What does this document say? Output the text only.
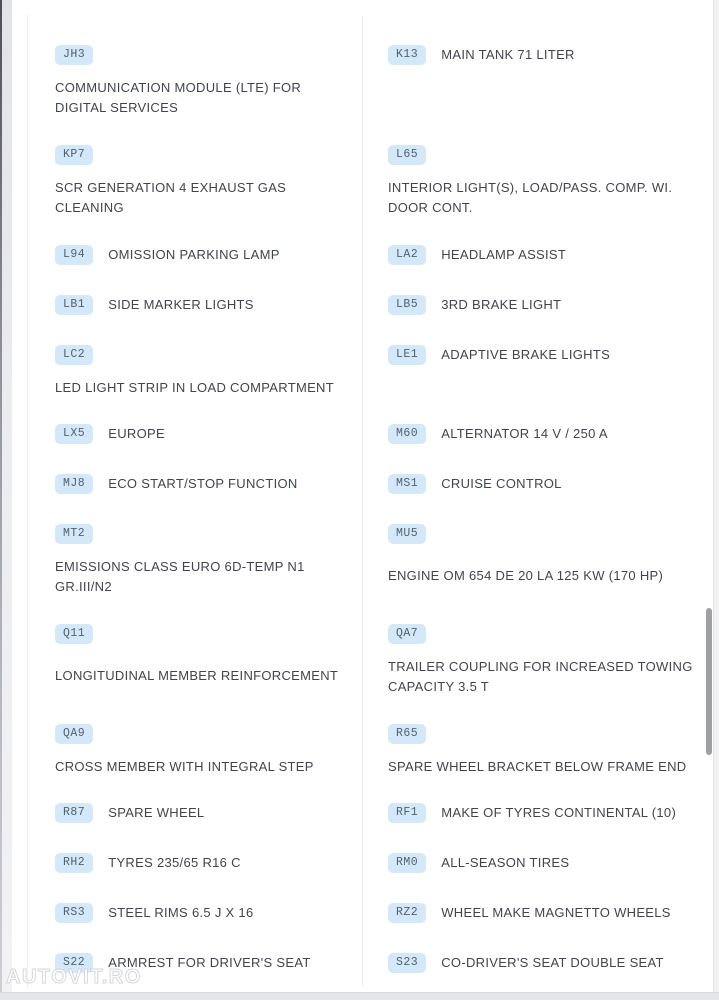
JH3
COMMUNICATION MODULE (LTE) FOR DIGITAL SERVICES
KP7
SCR GENERATION 4 EXHAUST GAS CLEANING
L94	OMISSION PARKING LAMP
LB1	SIDE MARKER LIGHTS
LC2
LED LIGHT STRIP IN LOAD COMPARTMENT
LX5	EUROPE
MJ8	ECO START/STOP FUNCTION
MT2
EMISSIONS CLASS EURO 6D-TEMP N1 GR.III/N2
Q11
LONGITUDINAL MEMBER REINFORCEMENT
QA9
CROSS MEMBER WITH INTEGRAL STEP
R87	SPARE WHEEL
RH2	TYRES 235/65 R16 C
RS3	STEEL RIMS 6.5 J X 16
S22	ARMREST FOR DRIVER'S SEAT
K13	MAIN TANK 71 LITER
L65
INTERIOR LIGHT(S), LOAD/PASS. COMP. WI. DOOR CONT.
LA2	HEADLAMP ASSIST
LB5	3RD BRAKE LIGHT
LE1	ADAPTIVE BRAKE LIGHTS
M60	ALTERNATOR 14 V / 250 A
MS1	CRUISE CONTROL
MU5
ENGINE OM 654 DE 20 LA 125 KW (170 HP)
QA7
TRAILER COUPLING FOR INCREASED TOWING CAPACITY 3.5 T
R65
SPARE WHEEL BRACKET BELOW FRAME END
RF1	MAKE OF TYRES CONTINENTAL (10)
RM0	ALL-SEASON TIRES
RZ2	WHEEL MAKE MAGNETTO WHEELS
S23	CO-DRIVER'S SEAT DOUBLE SEAT
AUTOVIT.RO
